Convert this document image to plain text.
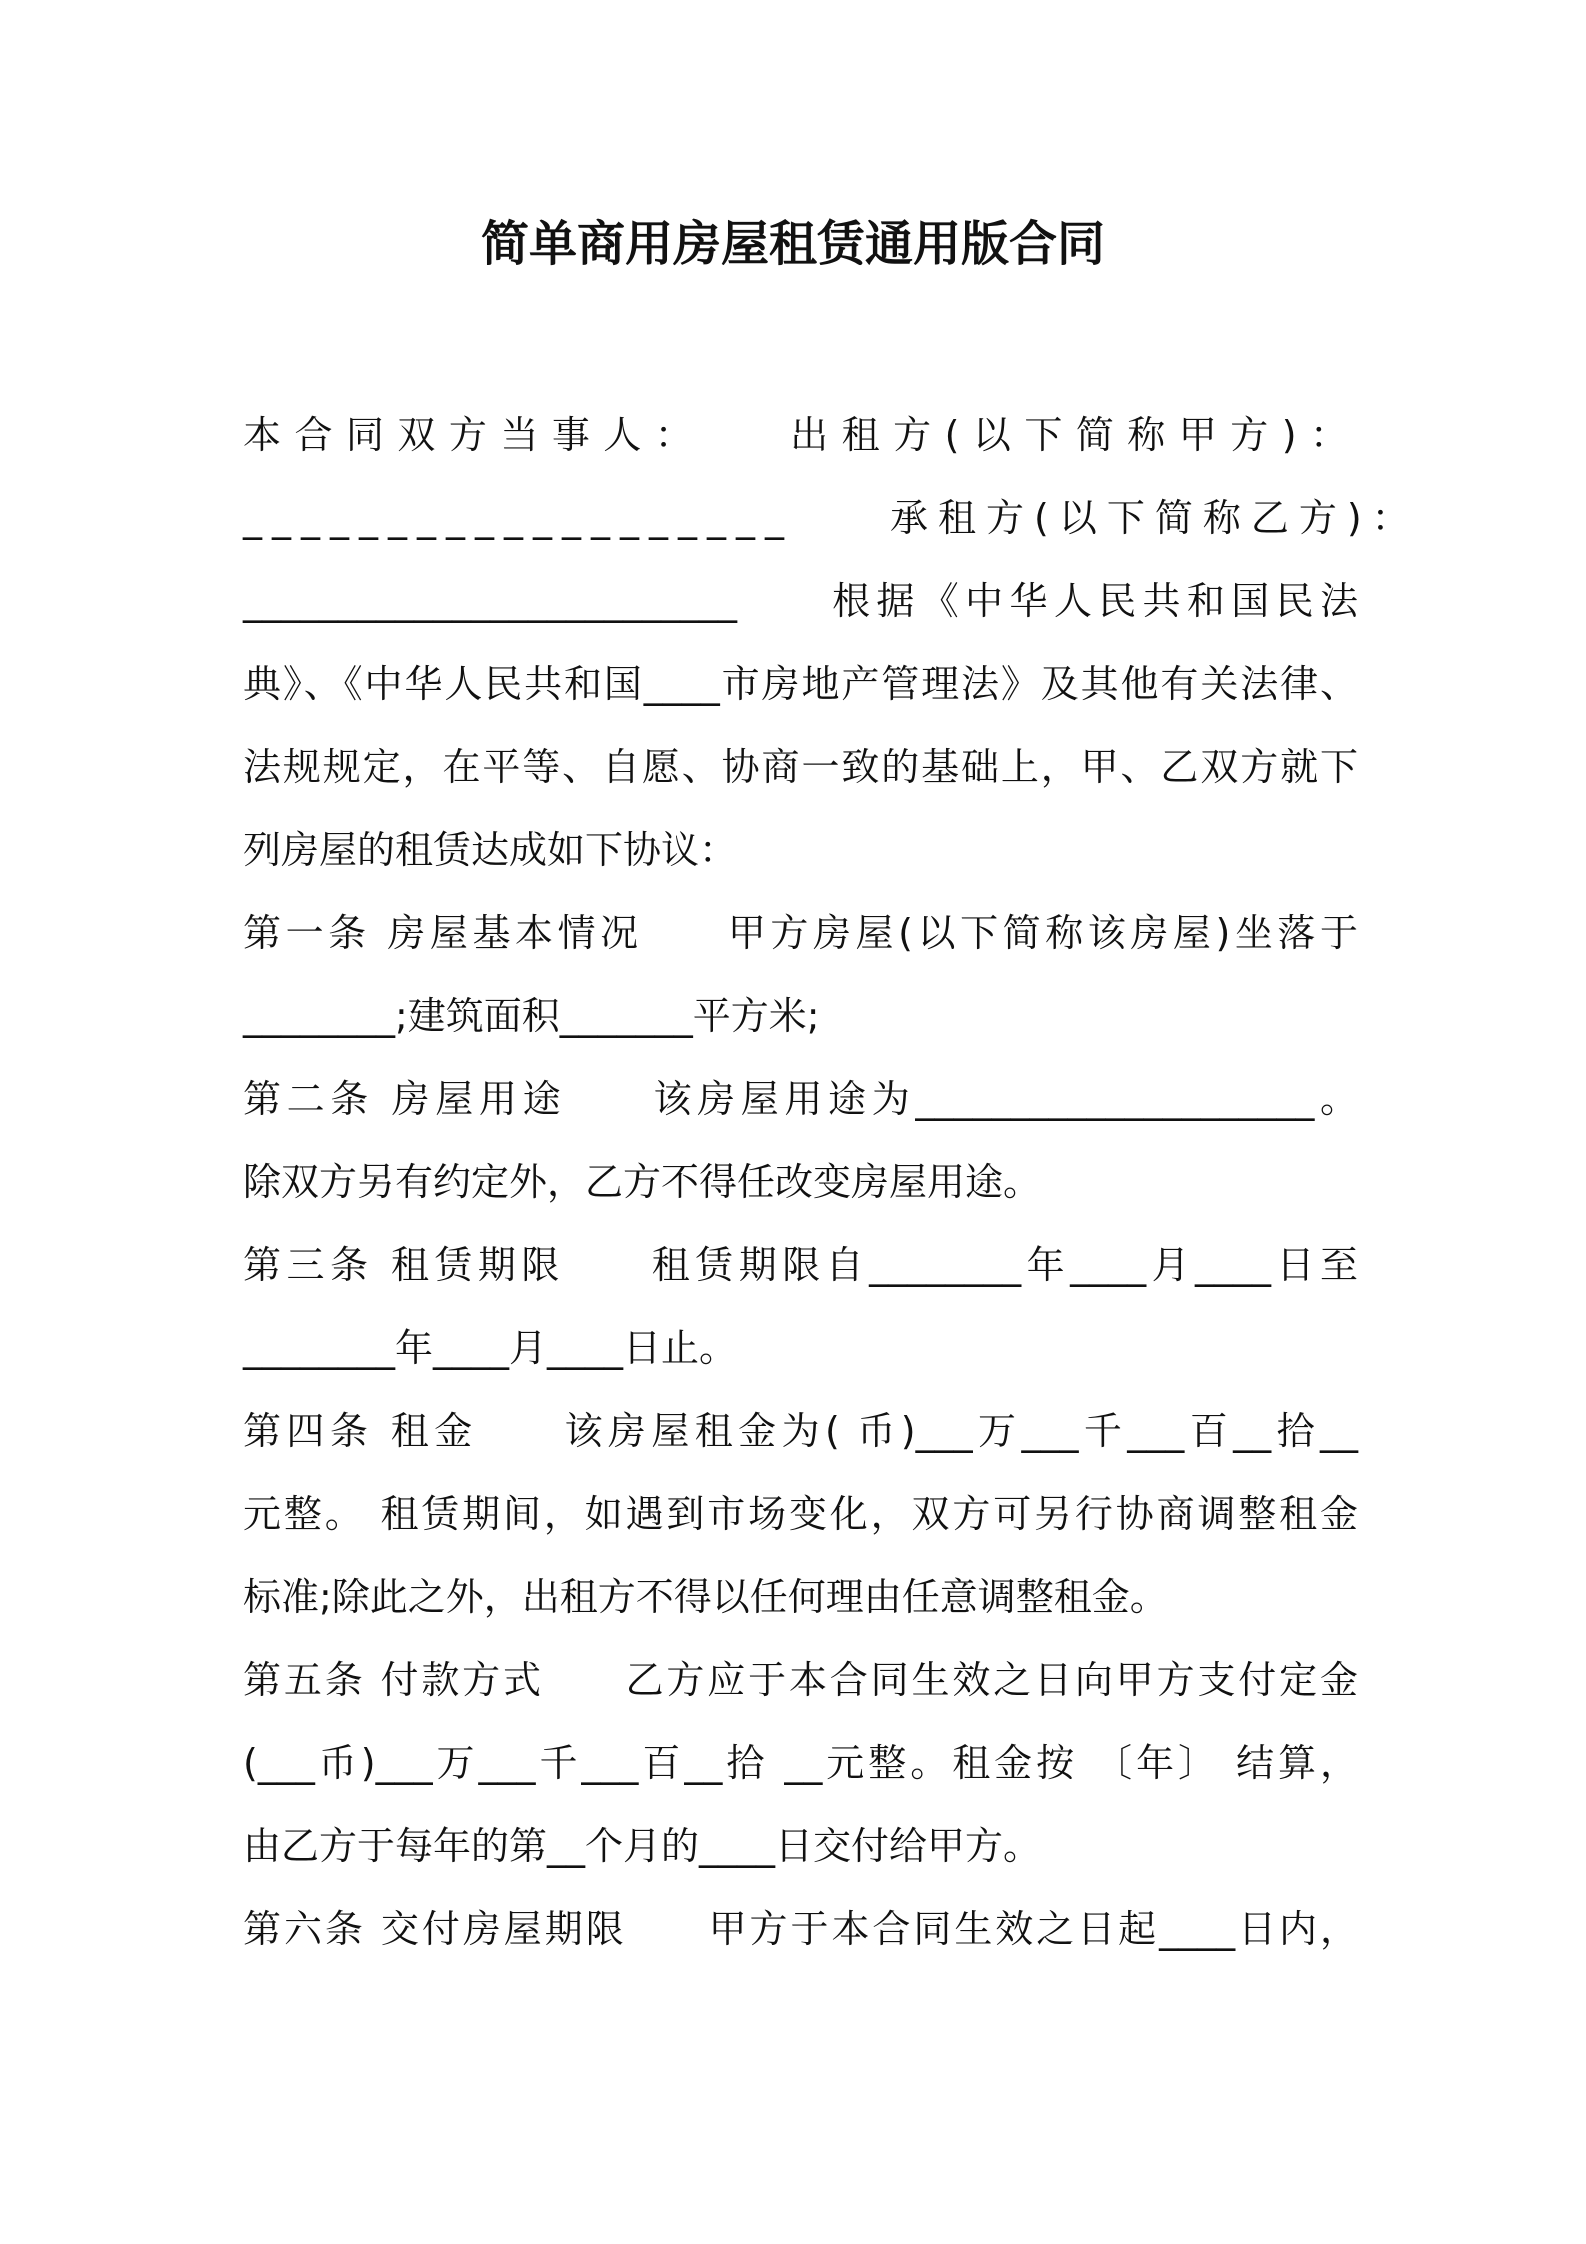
简单商用房屋租赁通用版合同

本合同双方当事人：　　出租方(以下简称甲方)：

___________________　　承租方(以下简称乙方)：

__________________________　　根据《中华人民共和国民法

典》、《中华人民共和国____市房地产管理法》及其他有关法律、

法规规定，在平等、自愿、协商一致的基础上，甲、乙双方就下

列房屋的租赁达成如下协议：

第一条 房屋基本情况　　甲方房屋(以下简称该房屋)坐落于

________;建筑面积_______平方米;

第二条 房屋用途　　该房屋用途为_____________________。

除双方另有约定外，乙方不得任改变房屋用途。

第三条 租赁期限　　租赁期限自________年____月____日至

________年____月____日止。

第四条 租金　　该房屋租金为( 币)___万___千___百__拾__

元整。 租赁期间，如遇到市场变化，双方可另行协商调整租金

标准;除此之外，出租方不得以任何理由任意调整租金。

第五条 付款方式　　乙方应于本合同生效之日向甲方支付定金

(___币)___万___千___百__拾 __元整。租金按 〔年〕 结算，

由乙方于每年的第__个月的____日交付给甲方。

第六条 交付房屋期限　　甲方于本合同生效之日起____日内，
